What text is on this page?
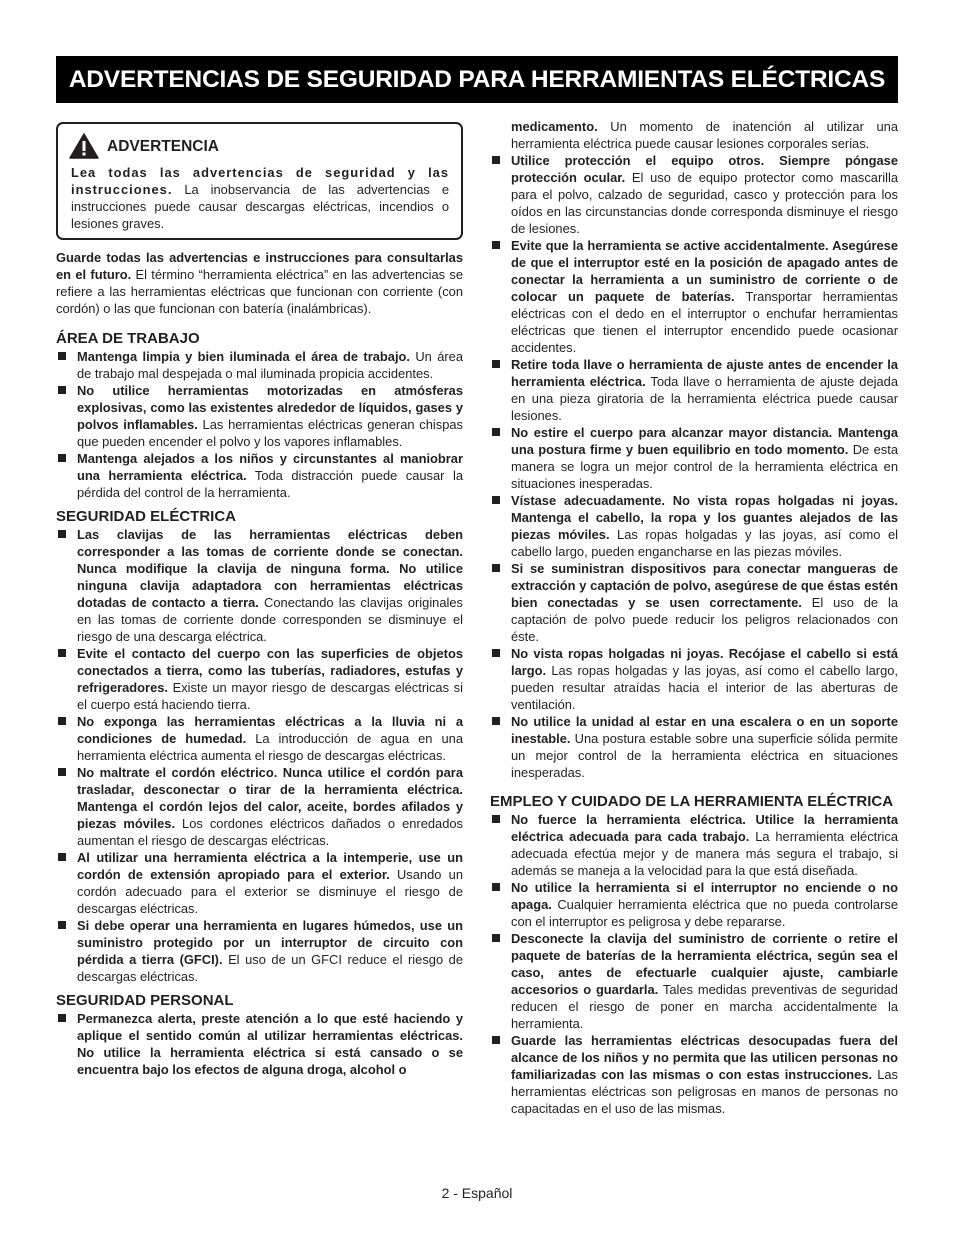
ADVERTENCIAS DE SEGURIDAD PARA HERRAMIENTAS ELÉCTRICAS
ADVERTENCIA
Lea todas las advertencias de seguridad y las instrucciones. La inobservancia de las advertencias e instrucciones puede causar descargas eléctricas, incendios o lesiones graves.

Guarde todas las advertencias e instrucciones para consultarlas en el futuro. El término “herramienta eléctrica” en las advertencias se refiere a las herramientas eléctricas que funcionan con corriente (con cordón) o las que funcionan con batería (inalámbricas).

ÁREA DE TRABAJO
Mantenga limpia y bien iluminada el área de trabajo. Un área de trabajo mal despejada o mal iluminada propicia accidentes.
No utilice herramientas motorizadas en atmósferas explosivas, como las existentes alrededor de líquidos, gases y polvos inflamables. Las herramientas eléctricas generan chispas que pueden encender el polvo y los vapores inflamables.
Mantenga alejados a los niños y circunstantes al maniobrar una herramienta eléctrica. Toda distracción puede causar la pérdida del control de la herramienta.
SEGURIDAD ELÉCTRICA
Las clavijas de las herramientas eléctricas deben corresponder a las tomas de corriente donde se conectan. Nunca modifique la clavija de ninguna forma. No utilice ninguna clavija adaptadora con herramientas eléctricas dotadas de contacto a tierra. Conectando las clavijas originales en las tomas de corriente donde corresponden se disminuye el riesgo de una descarga eléctrica.
Evite el contacto del cuerpo con las superficies de objetos conectados a tierra, como las tuberías, radiadores, estufas y refrigeradores. Existe un mayor riesgo de descargas eléctricas si el cuerpo está haciendo tierra.
No exponga las herramientas eléctricas a la lluvia ni a condiciones de humedad. La introducción de agua en una herramienta eléctrica aumenta el riesgo de descargas eléctricas.
No maltrate el cordón eléctrico. Nunca utilice el cordón para trasladar, desconectar o tirar de la herramienta eléctrica. Mantenga el cordón lejos del calor, aceite, bordes afilados y piezas móviles. Los cordones eléctricos dañados o enredados aumentan el riesgo de descargas eléctricas.
Al utilizar una herramienta eléctrica a la intemperie, use un cordón de extensión apropiado para el exterior. Usando un cordón adecuado para el exterior se disminuye el riesgo de descargas eléctricas.
Si debe operar una herramienta en lugares húmedos, use un suministro protegido por un interruptor de circuito con pérdida a tierra (GFCI). El uso de un GFCI reduce el riesgo de descargas eléctricas.
SEGURIDAD PERSONAL
Permanezca alerta, preste atención a lo que esté haciendo y aplique el sentido común al utilizar herramientas eléctricas. No utilice la herramienta eléctrica si está cansado o se encuentra bajo los efectos de alguna droga, alcohol o
medicamento. Un momento de inatención al utilizar una herramienta eléctrica puede causar lesiones corporales serias.
Utilice protección el equipo otros. Siempre póngase protección ocular. El uso de equipo protector como mascarilla para el polvo, calzado de seguridad, casco y protección para los oídos en las circunstancias donde corresponda disminuye el riesgo de lesiones.
Evite que la herramienta se active accidentalmente. Asegúrese de que el interruptor esté en la posición de apagado antes de conectar la herramienta a un suministro de corriente o de colocar un paquete de baterías. Transportar herramientas eléctricas con el dedo en el interruptor o enchufar herramientas eléctricas que tienen el interruptor encendido puede ocasionar accidentes.
Retire toda llave o herramienta de ajuste antes de encender la herramienta eléctrica. Toda llave o herramienta de ajuste dejada en una pieza giratoria de la herramienta eléctrica puede causar lesiones.
No estire el cuerpo para alcanzar mayor distancia. Mantenga una postura firme y buen equilibrio en todo momento. De esta manera se logra un mejor control de la herramienta eléctrica en situaciones inesperadas.
Vístase adecuadamente. No vista ropas holgadas ni joyas. Mantenga el cabello, la ropa y los guantes alejados de las piezas móviles. Las ropas holgadas y las joyas, así como el cabello largo, pueden engancharse en las piezas móviles.
Si se suministran dispositivos para conectar mangueras de extracción y captación de polvo, asegúrese de que éstas estén bien conectadas y se usen correctamente. El uso de la captación de polvo puede reducir los peligros relacionados con éste.
No vista ropas holgadas ni joyas. Recójase el cabello si está largo. Las ropas holgadas y las joyas, así como el cabello largo, pueden resultar atraídas hacia el interior de las aberturas de ventilación.
No utilice la unidad al estar en una escalera o en un soporte inestable. Una postura estable sobre una superficie sólida permite un mejor control de la herramienta eléctrica en situaciones inesperadas.
EMPLEO Y CUIDADO DE LA HERRAMIENTA ELÉCTRICA
No fuerce la herramienta eléctrica. Utilice la herramienta eléctrica adecuada para cada trabajo. La herramienta eléctrica adecuada efectúa mejor y de manera más segura el trabajo, si además se maneja a la velocidad para la que está diseñada.
No utilice la herramienta si el interruptor no enciende o no apaga. Cualquier herramienta eléctrica que no pueda controlarse con el interruptor es peligrosa y debe repararse.
Desconecte la clavija del suministro de corriente o retire el paquete de baterías de la herramienta eléctrica, según sea el caso, antes de efectuarle cualquier ajuste, cambiarle accesorios o guardarla. Tales medidas preventivas de seguridad reducen el riesgo de poner en marcha accidentalmente la herramienta.
Guarde las herramientas eléctricas desocupadas fuera del alcance de los niños y no permita que las utilicen personas no familiarizadas con las mismas o con estas instrucciones. Las herramientas eléctricas son peligrosas en manos de personas no capacitadas en el uso de las mismas.
2 - Español
